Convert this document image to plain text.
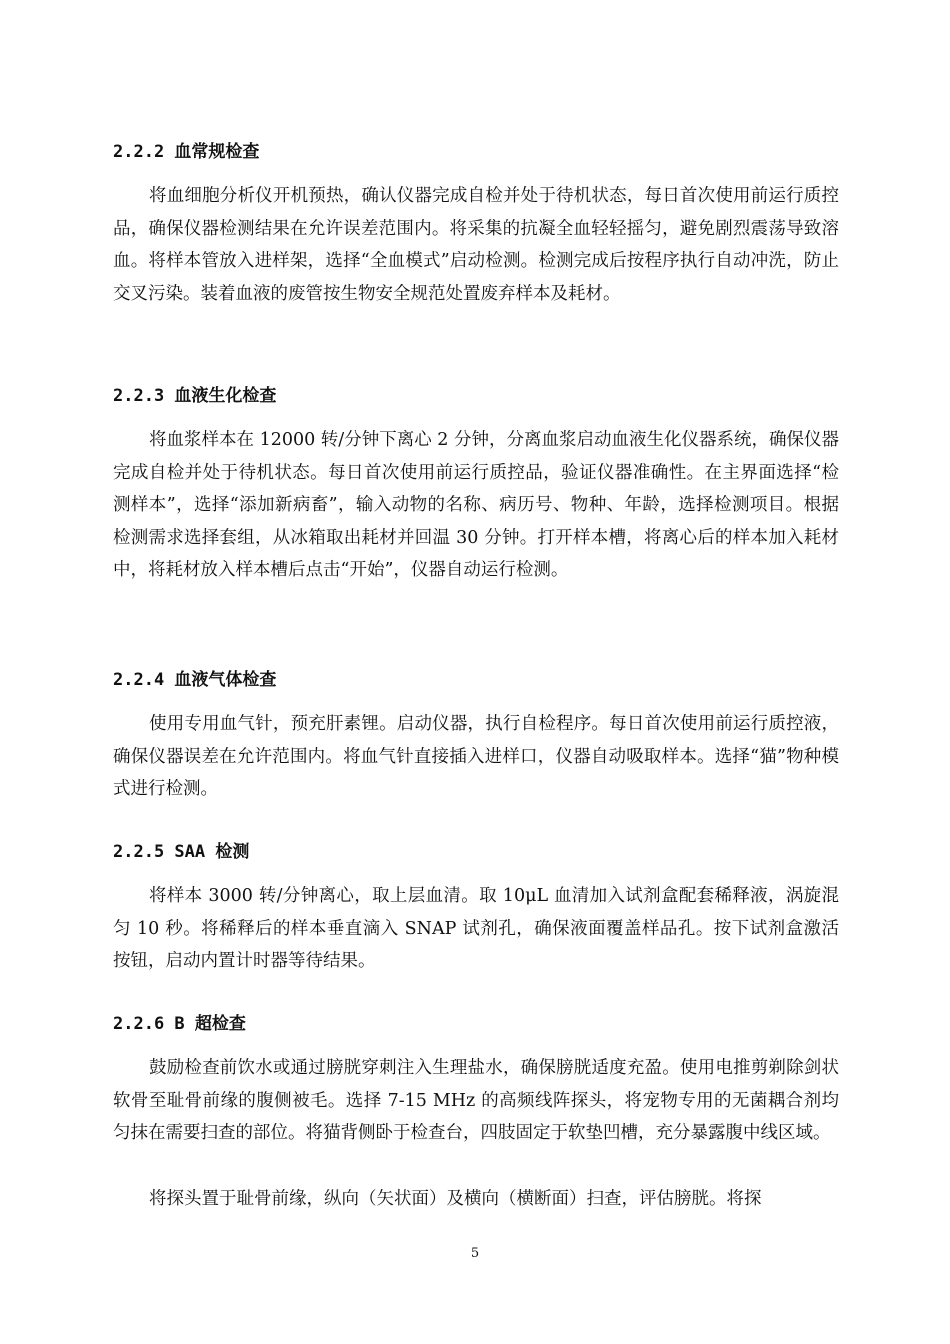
2.2.2 血常规检查

将血细胞分析仪开机预热，确认仪器完成自检并处于待机状态，每日首次使用前运行质控品，确保仪器检测结果在允许误差范围内。将采集的抗凝全血轻轻摇匀，避免剧烈震荡导致溶血。将样本管放入进样架，选择“全血模式”启动检测。检测完成后按程序执行自动冲洗，防止交叉污染。装着血液的废管按生物安全规范处置废弃样本及耗材。

2.2.3 血液生化检查

将血浆样本在 12000 转/分钟下离心 2 分钟，分离血浆启动血液生化仪器系统，确保仪器完成自检并处于待机状态。每日首次使用前运行质控品，验证仪器准确性。在主界面选择“检测样本”，选择“添加新病畜”，输入动物的名称、病历号、物种、年龄，选择检测项目。根据检测需求选择套组，从冰箱取出耗材并回温 30 分钟。打开样本槽，将离心后的样本加入耗材中，将耗材放入样本槽后点击“开始”，仪器自动运行检测。

2.2.4 血液气体检查

使用专用血气针，预充肝素锂。启动仪器，执行自检程序。每日首次使用前运行质控液，确保仪器误差在允许范围内。将血气针直接插入进样口，仪器自动吸取样本。选择“猫”物种模式进行检测。

2.2.5 SAA 检测

将样本 3000 转/分钟离心，取上层血清。取 10μL 血清加入试剂盒配套稀释液，涡旋混匀 10 秒。将稀释后的样本垂直滴入 SNAP 试剂孔，确保液面覆盖样品孔。按下试剂盒激活按钮，启动内置计时器等待结果。

2.2.6 B 超检查

鼓励检查前饮水或通过膀胱穿刺注入生理盐水，确保膀胱适度充盈。使用电推剪剃除剑状软骨至耻骨前缘的腹侧被毛。选择 7-15 MHz 的高频线阵探头，将宠物专用的无菌耦合剂均匀抹在需要扫查的部位。将猫背侧卧于检查台，四肢固定于软垫凹槽，充分暴露腹中线区域。

将探头置于耻骨前缘，纵向（矢状面）及横向（横断面）扫查，评估膀胱。将探

5
